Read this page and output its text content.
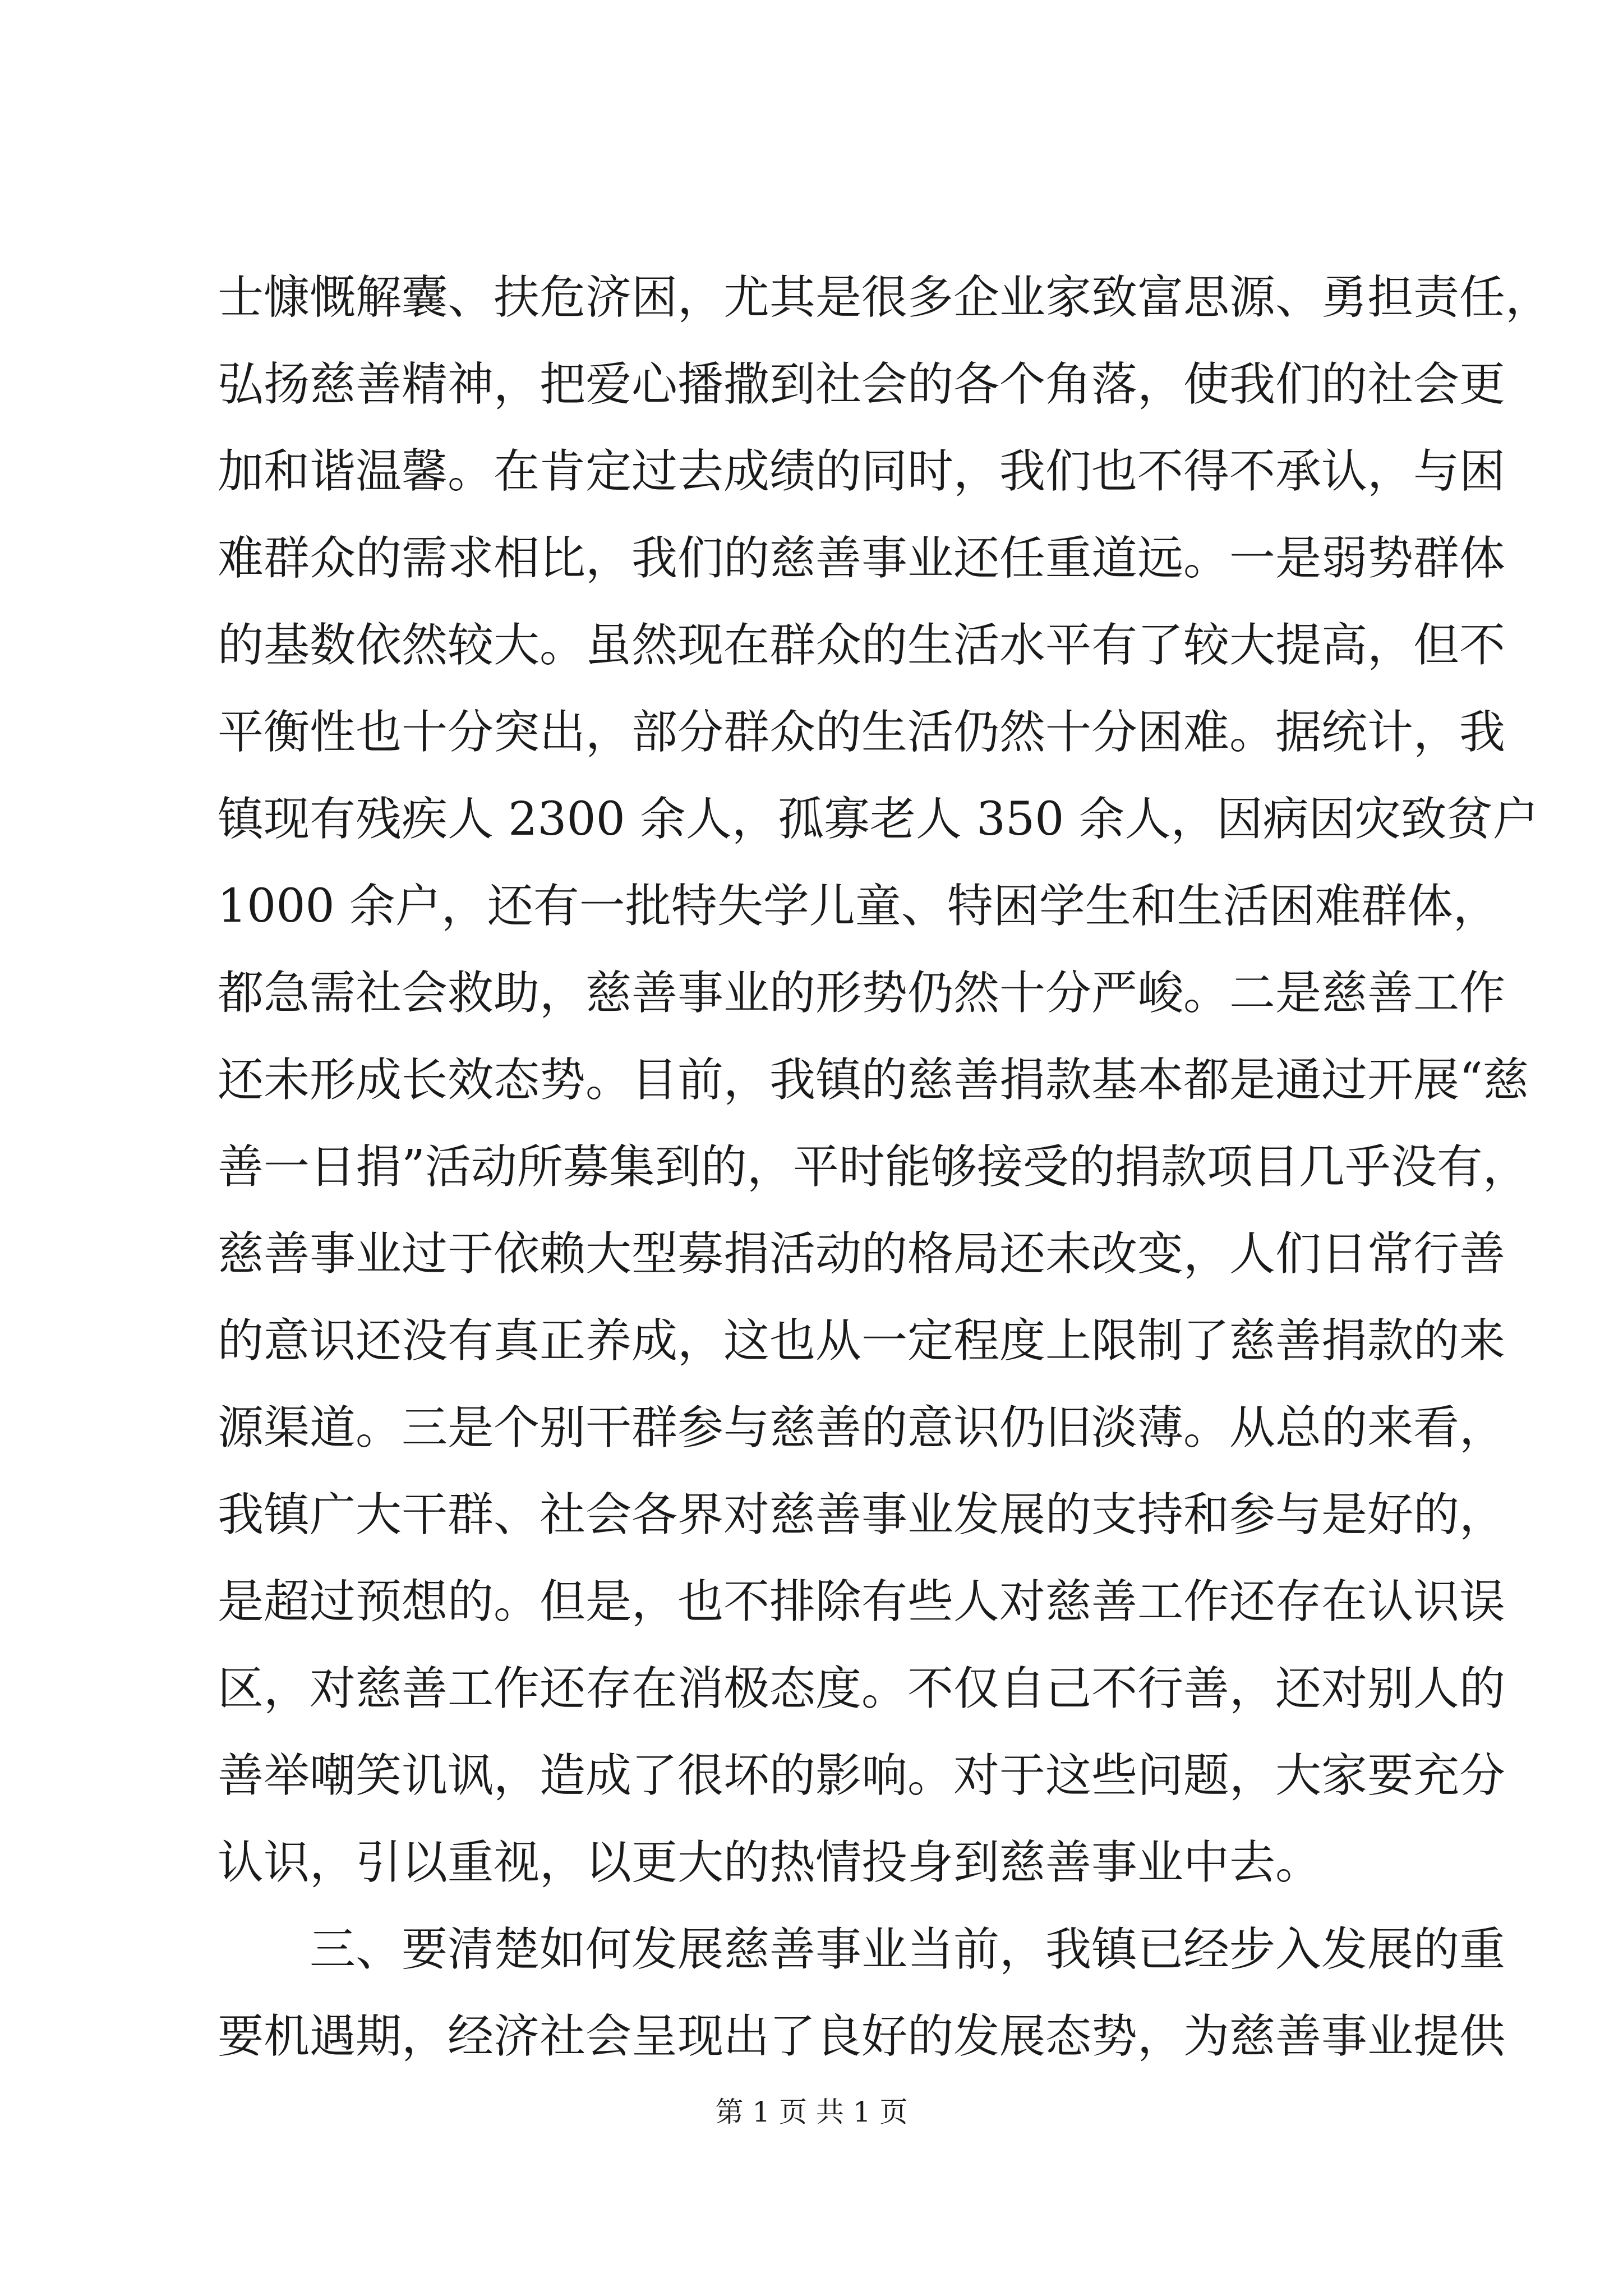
士慷慨解囊、扶危济困，尤其是很多企业家致富思源、勇担责任，
弘扬慈善精神，把爱心播撒到社会的各个角落，使我们的社会更
加和谐温馨。在肯定过去成绩的同时，我们也不得不承认，与困
难群众的需求相比，我们的慈善事业还任重道远。一是弱势群体
的基数依然较大。虽然现在群众的生活水平有了较大提高，但不
平衡性也十分突出，部分群众的生活仍然十分困难。据统计，我
镇现有残疾人 2300 余人，孤寡老人 350 余人，因病因灾致贫户
1000 余户，还有一批特失学儿童、特困学生和生活困难群体，
都急需社会救助，慈善事业的形势仍然十分严峻。二是慈善工作
还未形成长效态势。目前，我镇的慈善捐款基本都是通过开展“慈
善一日捐”活动所募集到的，平时能够接受的捐款项目几乎没有，
慈善事业过于依赖大型募捐活动的格局还未改变，人们日常行善
的意识还没有真正养成，这也从一定程度上限制了慈善捐款的来
源渠道。三是个别干群参与慈善的意识仍旧淡薄。从总的来看，
我镇广大干群、社会各界对慈善事业发展的支持和参与是好的，
是超过预想的。但是，也不排除有些人对慈善工作还存在认识误
区，对慈善工作还存在消极态度。不仅自己不行善，还对别人的
善举嘲笑讥讽，造成了很坏的影响。对于这些问题，大家要充分
认识，引以重视，以更大的热情投身到慈善事业中去。
三、要清楚如何发展慈善事业当前，我镇已经步入发展的重
要机遇期，经济社会呈现出了良好的发展态势，为慈善事业提供
第 1 页 共 1 页
